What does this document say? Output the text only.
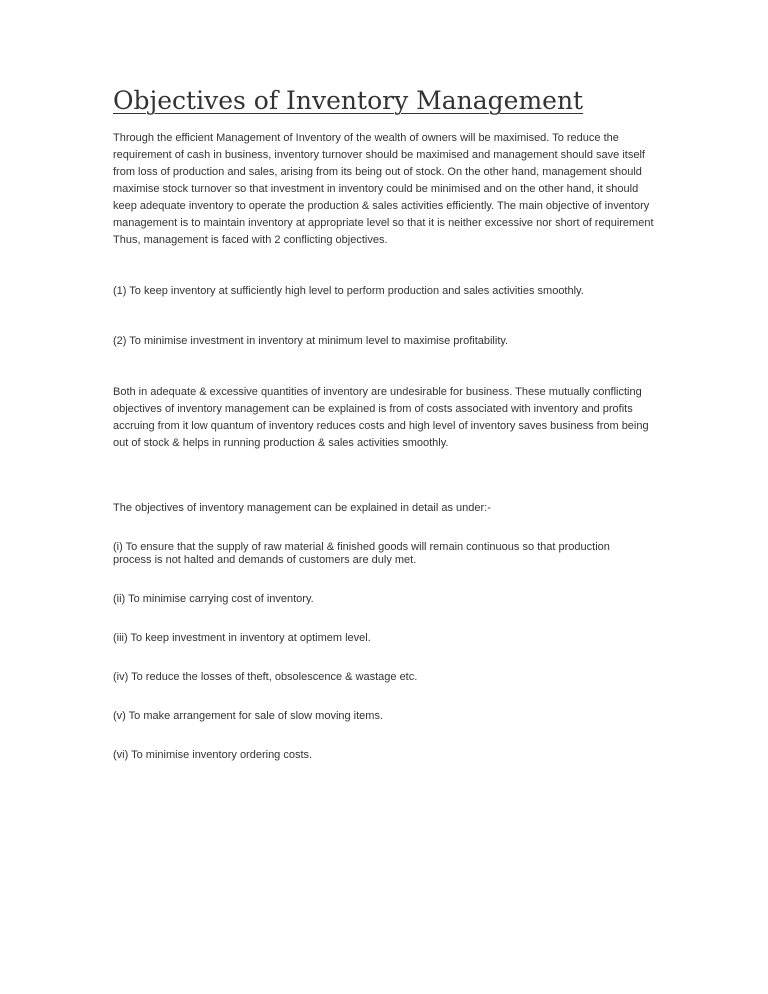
Objectives of Inventory Management

Through the efficient Management of Inventory of the wealth of owners will be maximised. To reduce the requirement of cash in business, inventory turnover should be maximised and management should save itself from loss of production and sales, arising from its being out of stock. On the other hand, management should maximise stock turnover so that investment in inventory could be minimised and on the other hand, it should keep adequate inventory to operate the production & sales activities efficiently. The main objective of inventory management is to maintain inventory at appropriate level so that it is neither excessive nor short of requirement Thus, management is faced with 2 conflicting objectives.

(1) To keep inventory at sufficiently high level to perform production and sales activities smoothly.

(2) To minimise investment in inventory at minimum level to maximise profitability.

Both in adequate & excessive quantities of inventory are undesirable for business. These mutually conflicting objectives of inventory management can be explained is from of costs associated with inventory and profits accruing from it low quantum of inventory reduces costs and high level of inventory saves business from being out of stock & helps in running production & sales activities smoothly.

The objectives of inventory management can be explained in detail as under:-

(i) To ensure that the supply of raw material & finished goods will remain continuous so that production process is not halted and demands of customers are duly met.

(ii) To minimise carrying cost of inventory.

(iii) To keep investment in inventory at optimem level.

(iv) To reduce the losses of theft, obsolescence & wastage etc.

(v) To make arrangement for sale of slow moving items.

(vi) To minimise inventory ordering costs.
